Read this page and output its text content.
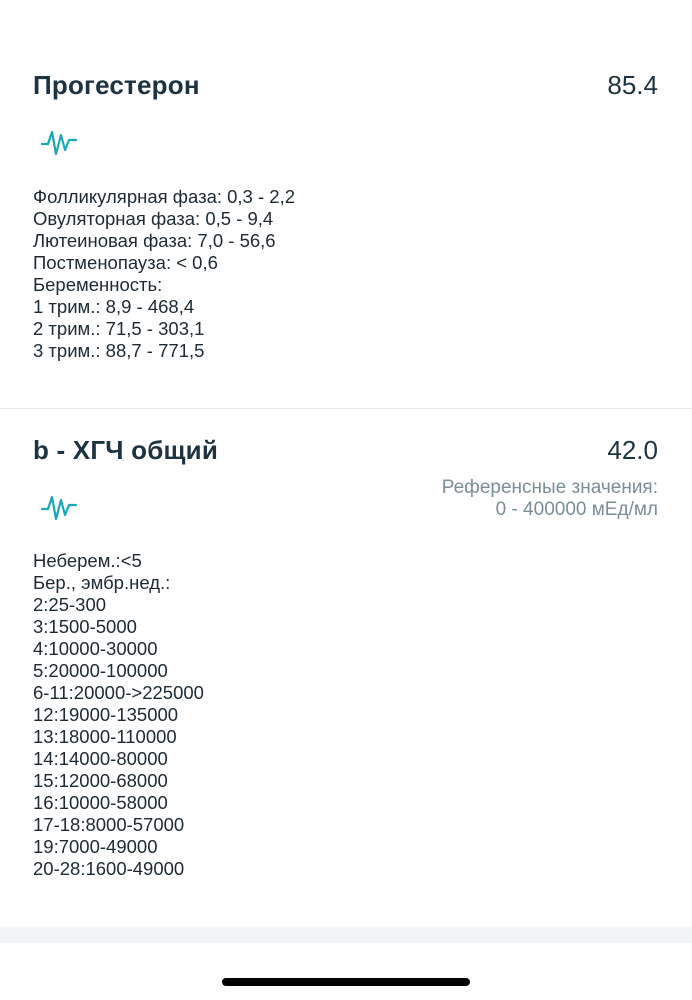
Прогестерон	85.4
Фолликулярная фаза: 0,3 - 2,2
Овуляторная фаза: 0,5 - 9,4
Лютеиновая фаза: 7,0 - 56,6
Постменопауза: < 0,6
Беременность:
1 трим.: 8,9 - 468,4
2 трим.: 71,5 - 303,1
3 трим.: 88,7 - 771,5
b - ХГЧ общий	42.0
Референсные значения:
0 - 400000 мЕд/мл
Неберем.:<5
Бер., эмбр.нед.:
2:25-300
3:1500-5000
4:10000-30000
5:20000-100000
6-11:20000->225000
12:19000-135000
13:18000-110000
14:14000-80000
15:12000-68000
16:10000-58000
17-18:8000-57000
19:7000-49000
20-28:1600-49000
